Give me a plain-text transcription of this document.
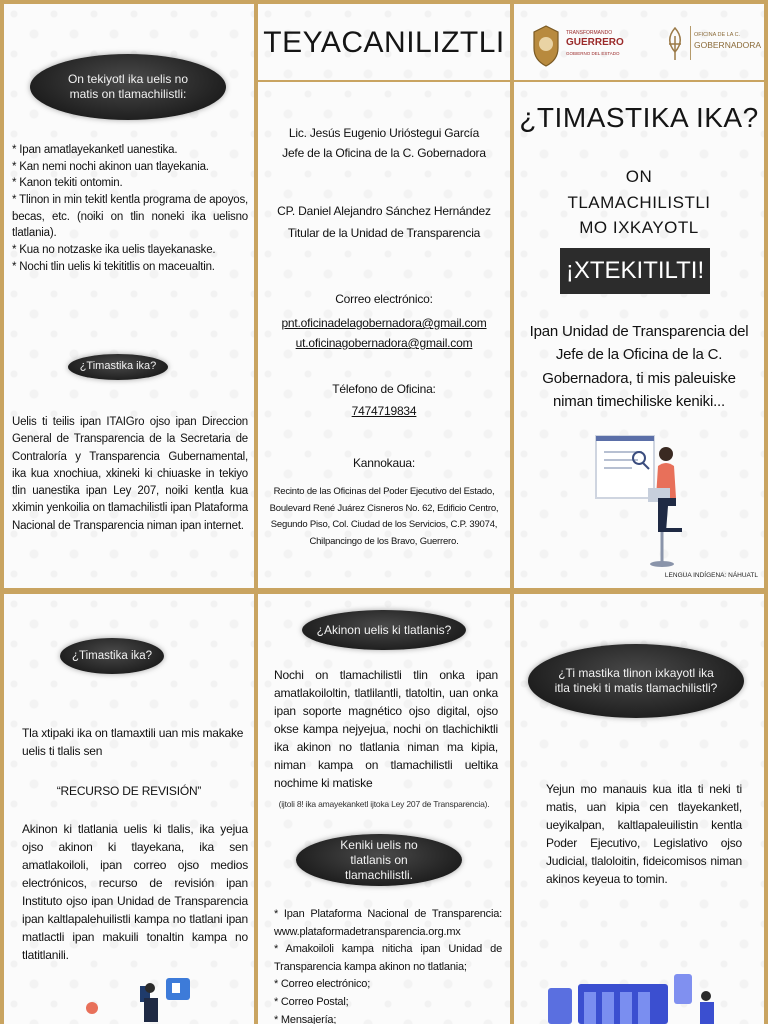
On tekiyotl ika uelis no matis on tlamachilistli:
* Ipan amatlayekanketl uanestika.
* Kan nemi nochi akinon uan tlayekania.
* Kanon tekiti ontomin.
* Tlinon in min tekitl kentla programa de apoyos, becas, etc. (noiki on tlin noneki ika uelisno tlatlania).
* Kua no notzaske ika uelis tlayekanaske.
* Nochi tlin uelis ki tekititlis on maceualtin.
¿Timastika ika?
Uelis ti teilis ipan ITAIGro ojso ipan Direccion General de Transparencia de la Secretaria de Contraloría y Transparencia Gubernamental, ika kua xnochiua, xkineki ki chiuaske in tekiyo tlin uanestika ipan Ley 207, noiki kentla kua xkimin yenkoilia on tlamachilistli ipan Plataforma Nacional de Transparencia niman ipan internet.
TEYACANILIZTLI
Lic. Jesús Eugenio Urióstegui García
Jefe de la Oficina de la C. Gobernadora
CP. Daniel Alejandro Sánchez Hernández
Titular de la Unidad de Transparencia
Correo electrónico:
pnt.oficinadelagobernadora@gmail.com
ut.oficinagobernadora@gmail.com
Télefono de Oficina:
7474719834
Kannokaua:
Recinto de las Oficinas del Poder Ejecutivo del Estado, Boulevard René Juárez Cisneros No. 62, Edificio Centro, Segundo Piso, Col. Ciudad de los Servicios, C.P. 39074, Chilpancingo de los Bravo, Guerrero.
TRANSFORMANDO
GUERRERO
GOBIERNO DEL ESTADO
OFICINA DE LA C.
GOBERNADORA
¿TIMASTIKA IKA?
ON TLAMACHILISTLI MO IXKAYOTL
¡XTEKITILTI!
Ipan Unidad de Transparencia del Jefe de la Oficina de la C. Gobernadora, ti mis paleuiske niman timechiliske keniki...
LENGUA INDÍGENA: NÁHUATL
¿Timastika ika?
Tla xtipaki ika on tlamaxtili uan mis makake uelis ti tlalis sen
“RECURSO DE REVISIÓN”
Akinon ki tlatlania uelis ki tlalis, ika yejua ojso akinon ki tlayekana, ika sen amatlakoiloli, ipan correo ojso medios electrónicos, recurso de revisión ipan Instituto ojso ipan Unidad de Transparencia ipan kaltlapalehuilistli kampa no tlatlani ipan matlactli ipan makuili tonaltin kampa no tlatitlanili.
¿Akinon uelis ki tlatlanis?
Nochi on tlamachilistli tlin onka ipan amatlakoiloltin, tlatlilantli, tlatoltin, uan onka ipan soporte magnético ojso digital, ojso okse kampa nejyejua, nochi on tlachichiktli ika akinon no tlatlania niman ma kipia, niman kampa on tlamachilistli ueltika nochime ki matiske
(ijtoli 8! ika amayekanketl ijtoka Ley 207 de Transparencia).
Keniki uelis no tlatlanis on tlamachilistli.
* Ipan Plataforma Nacional de Transparencia: www.plataformadetransparencia.org.mx
* Amakoiloli kampa niticha ipan Unidad de Transparencia kampa akinon no tlatlania;
* Correo electrónico;
* Correo Postal;
* Mensajería;
¿Ti mastika tlinon ixkayotl ika itla tineki ti matis tlamachilistli?
Yejun mo manauis kua itla ti neki ti matis, uan kipia cen tlayekanketl, ueyikalpan, kaltlapaleuilistin kentla Poder Ejecutivo, Legislativo ojso Judicial, tlaloloitin, fideicomisos niman akinos keyeua to tomin.
